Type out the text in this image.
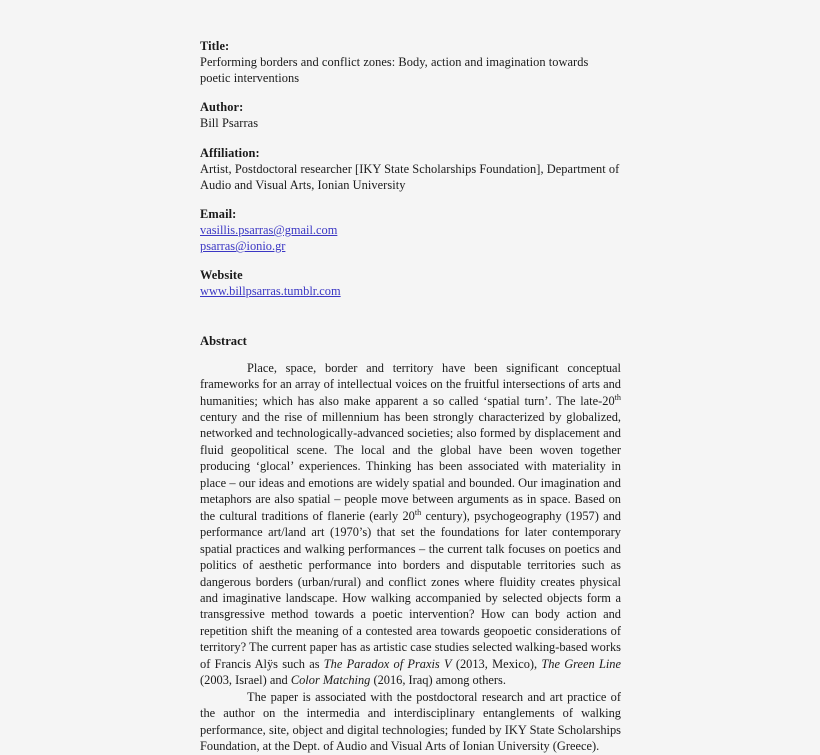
Title:
Performing borders and conflict zones: Body, action and imagination towards poetic interventions
Author:
Bill Psarras
Affiliation:
Artist, Postdoctoral researcher [IKY State Scholarships Foundation], Department of Audio and Visual Arts, Ionian University
Email:
vasillis.psarras@gmail.com
psarras@ionio.gr
Website
www.billpsarras.tumblr.com
Abstract

Place, space, border and territory have been significant conceptual frameworks for an array of intellectual voices on the fruitful intersections of arts and humanities; which has also make apparent a so called ‘spatial turn’. The late-20th century and the rise of millennium has been strongly characterized by globalized, networked and technologically-advanced societies; also formed by displacement and fluid geopolitical scene. The local and the global have been woven together producing ‘glocal’ experiences. Thinking has been associated with materiality in place – our ideas and emotions are widely spatial and bounded. Our imagination and metaphors are also spatial – people move between arguments as in space. Based on the cultural traditions of flanerie (early 20th century), psychogeography (1957) and performance art/land art (1970’s) that set the foundations for later contemporary spatial practices and walking performances – the current talk focuses on poetics and politics of aesthetic performance into borders and disputable territories such as dangerous borders (urban/rural) and conflict zones where fluidity creates physical and imaginative landscape. How walking accompanied by selected objects form a transgressive method towards a poetic intervention? How can body action and repetition shift the meaning of a contested area towards geopoetic considerations of territory? The current paper has as artistic case studies selected walking-based works of Francis Alÿs such as The Paradox of Praxis V (2013, Mexico), The Green Line (2003, Israel) and Color Matching (2016, Iraq) among others.

The paper is associated with the postdoctoral research and art practice of the author on the intermedia and interdisciplinary entanglements of walking performance, site, object and digital technologies; funded by IKY State Scholarships Foundation, at the Dept. of Audio and Visual Arts of Ionian University (Greece).
